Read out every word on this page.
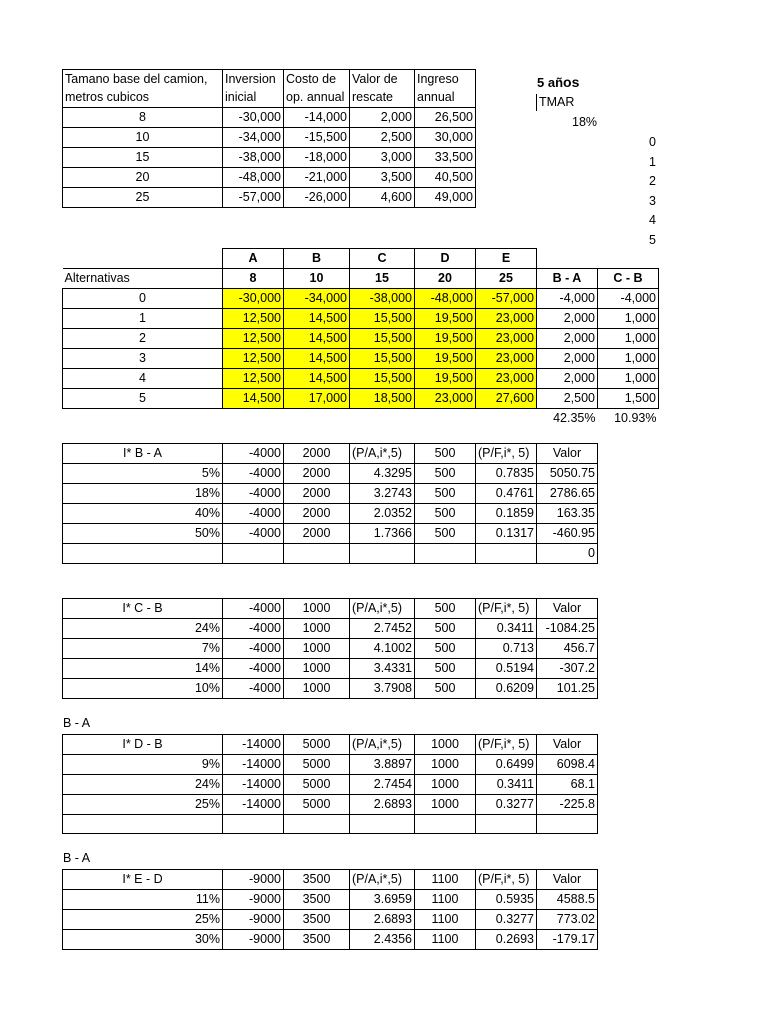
Tamano base del camion, metros cubicos	Inversion inicial	Costo de op. annual	Valor de rescate	Ingreso annual
8	-30,000	-14,000	2,000	26,500
10	-34,000	-15,500	2,500	30,000
15	-38,000	-18,000	3,000	33,500
20	-48,000	-21,000	3,500	40,500
25	-57,000	-26,000	4,600	49,000
5 años
TMAR
18%
0
1
2
3
4
5
	A	B	C	D	E		
Alternativas	8	10	15	20	25	B - A	C - B
0	-30,000	-34,000	-38,000	-48,000	-57,000	-4,000	-4,000
1	12,500	14,500	15,500	19,500	23,000	2,000	1,000
2	12,500	14,500	15,500	19,500	23,000	2,000	1,000
3	12,500	14,500	15,500	19,500	23,000	2,000	1,000
4	12,500	14,500	15,500	19,500	23,000	2,000	1,000
5	14,500	17,000	18,500	23,000	27,600	2,500	1,500
						42.35%	10.93%
I* B - A	-4000	2000	(P/A,i*,5)	500	(P/F,i*, 5)	Valor
5%	-4000	2000	4.3295	500	0.7835	5050.75
18%	-4000	2000	3.2743	500	0.4761	2786.65
40%	-4000	2000	2.0352	500	0.1859	163.35
50%	-4000	2000	1.7366	500	0.1317	-460.95
						0
I* C - B	-4000	1000	(P/A,i*,5)	500	(P/F,i*, 5)	Valor
24%	-4000	1000	2.7452	500	0.3411	-1084.25
7%	-4000	1000	4.1002	500	0.713	456.7
14%	-4000	1000	3.4331	500	0.5194	-307.2
10%	-4000	1000	3.7908	500	0.6209	101.25
B - A
I* D - B	-14000	5000	(P/A,i*,5)	1000	(P/F,i*, 5)	Valor
9%	-14000	5000	3.8897	1000	0.6499	6098.4
24%	-14000	5000	2.7454	1000	0.3411	68.1
25%	-14000	5000	2.6893	1000	0.3277	-225.8

B - A
I* E - D	-9000	3500	(P/A,i*,5)	1100	(P/F,i*, 5)	Valor
11%	-9000	3500	3.6959	1100	0.5935	4588.5
25%	-9000	3500	2.6893	1100	0.3277	773.02
30%	-9000	3500	2.4356	1100	0.2693	-179.17
